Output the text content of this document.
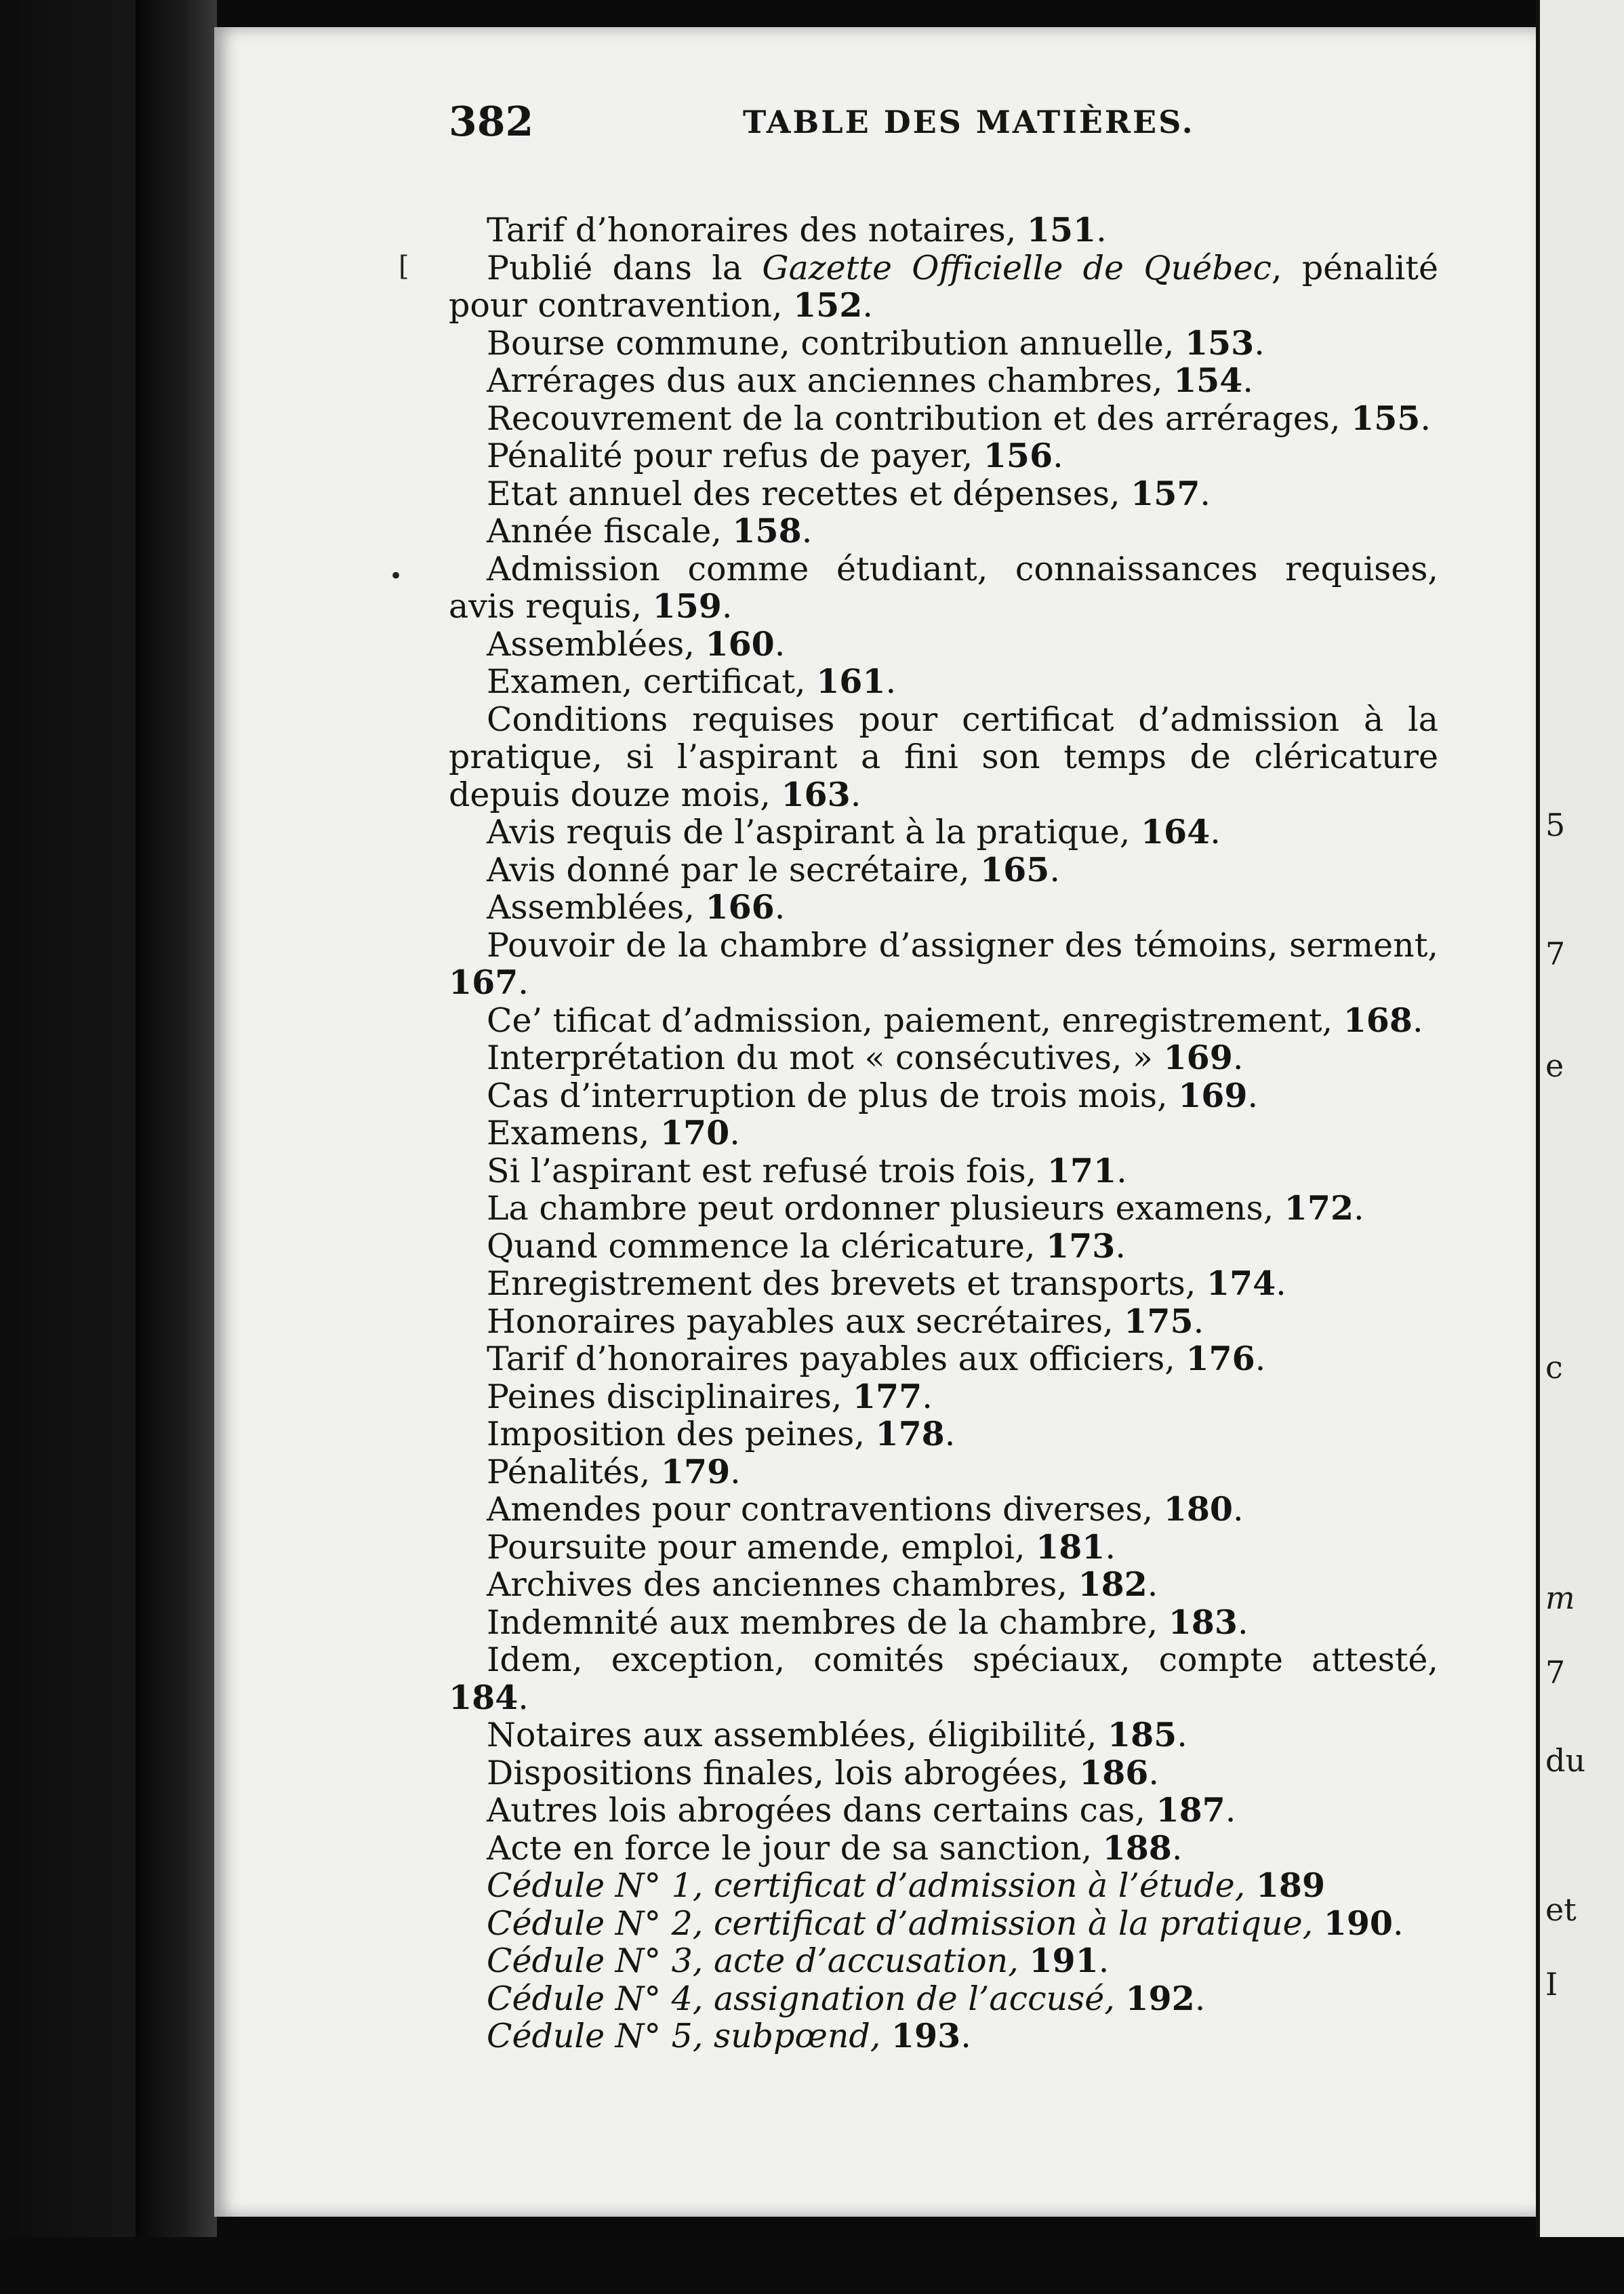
382	TABLE DES MATIÈRES.
[
•
Tarif d’honoraires des notaires, 151.
Publié dans la Gazette Officielle de Québec, pénalité pour contravention, 152.
Bourse commune, contribution annuelle, 153.
Arrérages dus aux anciennes chambres, 154.
Recouvrement de la contribution et des arrérages, 155.
Pénalité pour refus de payer, 156.
Etat annuel des recettes et dépenses, 157.
Année fiscale, 158.
Admission comme étudiant, connaissances requises, avis requis, 159.
Assemblées, 160.
Examen, certificat, 161.
Conditions requises pour certificat d’admission à la pratique, si l’aspirant a fini son temps de cléricature depuis douze mois, 163.
Avis requis de l’aspirant à la pratique, 164.
Avis donné par le secrétaire, 165.
Assemblées, 166.
Pouvoir de la chambre d’assigner des témoins, serment, 167.
Ce’ tificat d’admission, paiement, enregistrement, 168.
Interprétation du mot « consécutives, » 169.
Cas d’interruption de plus de trois mois, 169.
Examens, 170.
Si l’aspirant est refusé trois fois, 171.
La chambre peut ordonner plusieurs examens, 172.
Quand commence la cléricature, 173.
Enregistrement des brevets et transports, 174.
Honoraires payables aux secrétaires, 175.
Tarif d’honoraires payables aux officiers, 176.
Peines disciplinaires, 177.
Imposition des peines, 178.
Pénalités, 179.
Amendes pour contraventions diverses, 180.
Poursuite pour amende, emploi, 181.
Archives des anciennes chambres, 182.
Indemnité aux membres de la chambre, 183.
Idem, exception, comités spéciaux, compte attesté, 184.
Notaires aux assemblées, éligibilité, 185.
Dispositions finales, lois abrogées, 186.
Autres lois abrogées dans certains cas, 187.
Acte en force le jour de sa sanction, 188.
Cédule N° 1, certificat d’admission à l’étude, 189
Cédule N° 2, certificat d’admission à la pratique, 190.
Cédule N° 3, acte d’accusation, 191.
Cédule N° 4, assignation de l’accusé, 192.
Cédule N° 5, subpœnd, 193.
5
7
e
c
m
7
du
et
I
